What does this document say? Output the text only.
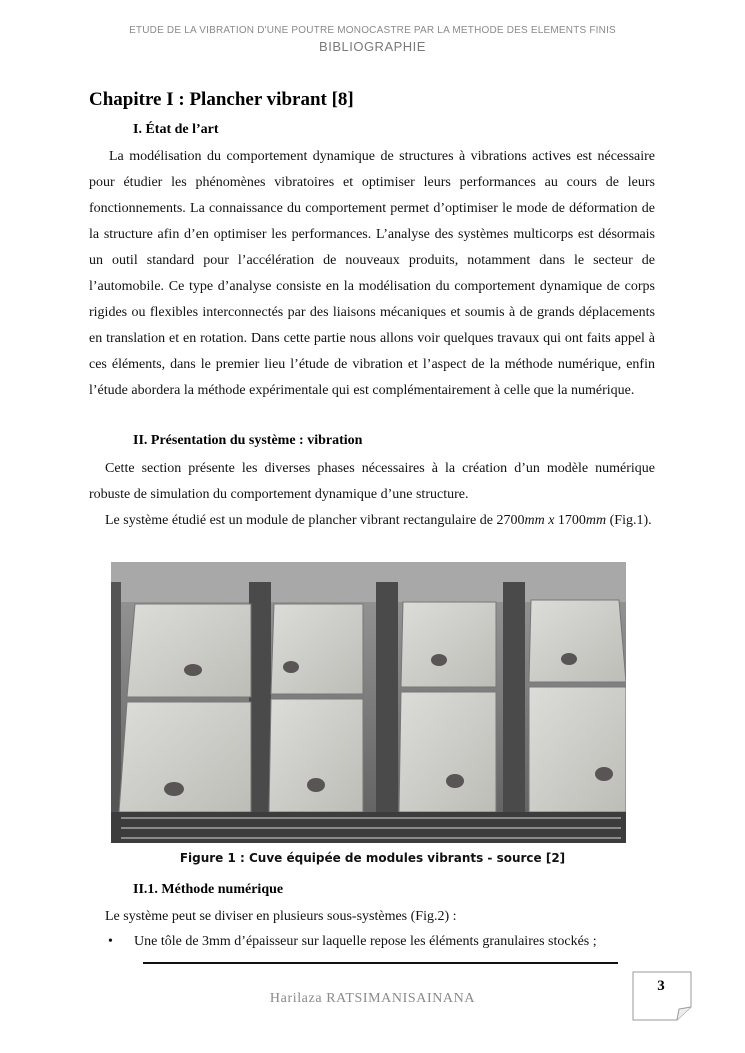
ETUDE DE LA VIBRATION D'UNE POUTRE MONOCASTRE PAR LA METHODE DES ELEMENTS FINIS
BIBLIOGRAPHIE
Chapitre I : Plancher vibrant [8]
I. État de l’art
La modélisation du comportement dynamique de structures à vibrations actives est nécessaire pour étudier les phénomènes vibratoires et optimiser leurs performances au cours de leurs fonctionnements. La connaissance du comportement permet d’optimiser le mode de déformation de la structure afin d’en optimiser les performances. L’analyse des systèmes multicorps est désormais un outil standard pour l’accélération de nouveaux produits, notamment dans le secteur de l’automobile. Ce type d’analyse consiste en la modélisation du comportement dynamique de corps rigides ou flexibles interconnectés par des liaisons mécaniques et soumis à de grands déplacements en translation et en rotation. Dans cette partie nous allons voir quelques travaux qui ont faits appel à ces éléments, dans le premier lieu l’étude de vibration et l’aspect de la méthode numérique, enfin l’étude abordera la méthode expérimentale qui est complémentairement à celle que la numérique.
II. Présentation du système : vibration
Cette section présente les diverses phases nécessaires à la création d’un modèle numérique robuste de simulation du comportement dynamique d’une structure.
Le système étudié est un module de plancher vibrant rectangulaire de 2700mm x 1700mm (Fig.1).
Figure 1 : Cuve équipée de modules vibrants - source [2]
II.1. Méthode numérique
Le système peut se diviser en plusieurs sous-systèmes (Fig.2) :
•	Une tôle de 3mm d’épaisseur sur laquelle repose les éléments granulaires stockés ;
Harilaza RATSIMANISAINANA
3
